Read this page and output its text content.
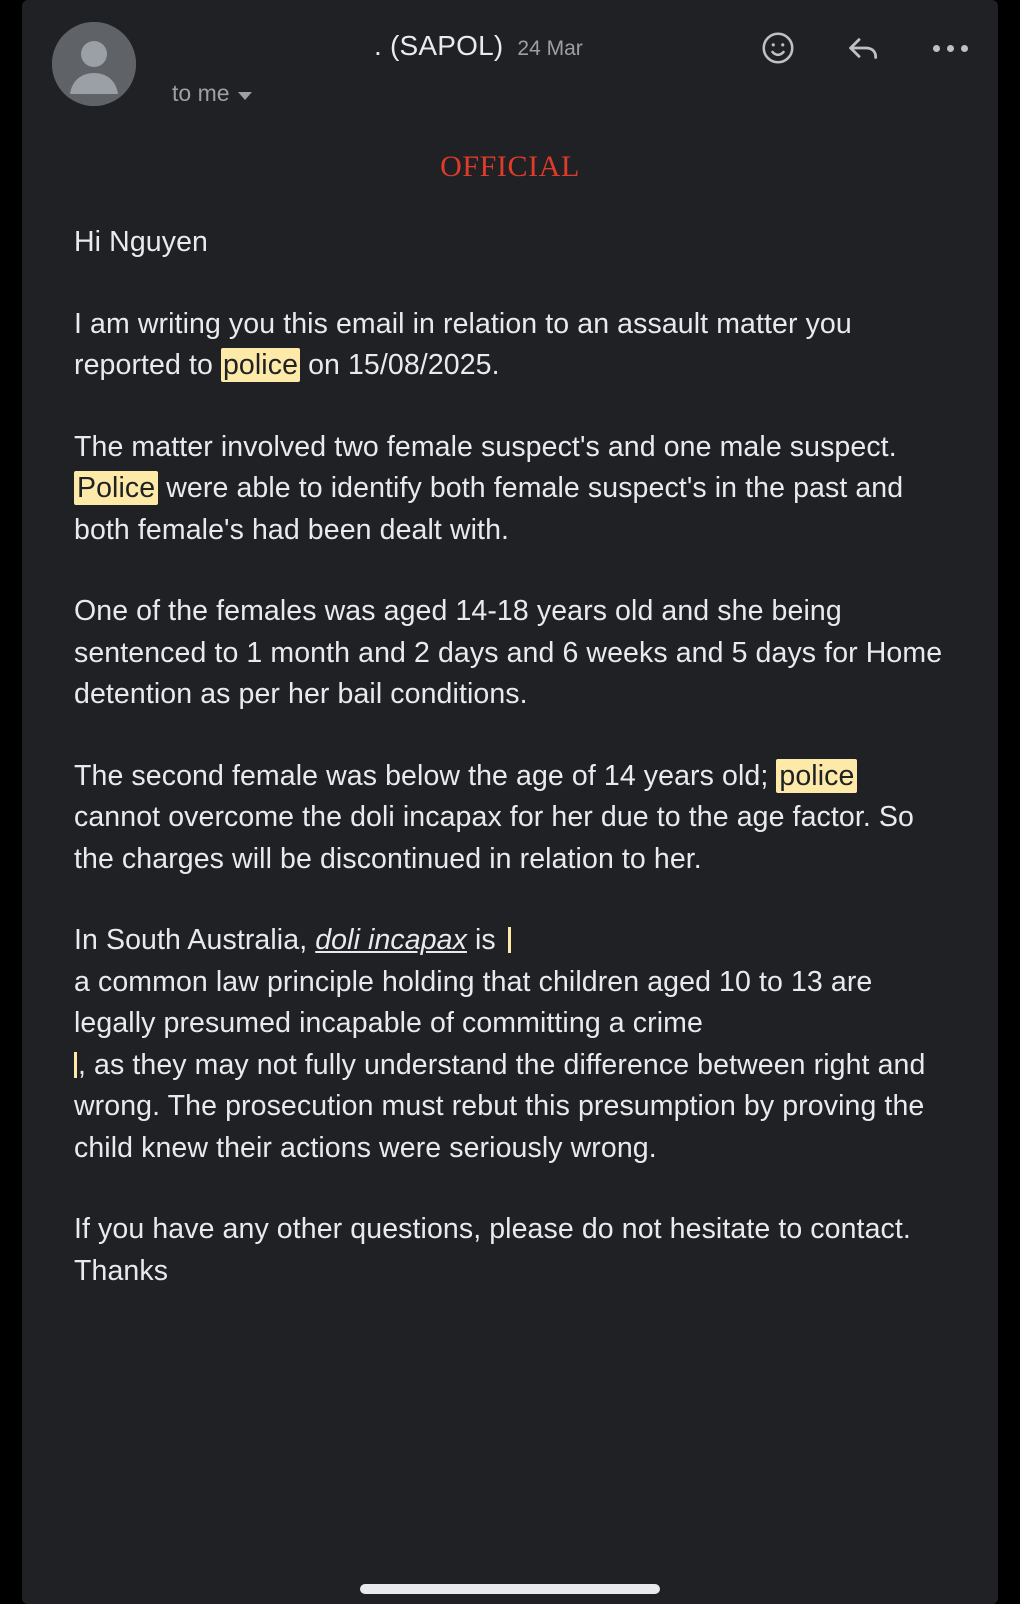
. (SAPOL) 24 Mar
to me
OFFICIAL

Hi Nguyen

I am writing you this email in relation to an assault matter you reported to police on 15/08/2025.

The matter involved two female suspect's and one male suspect. Police were able to identify both female suspect's in the past and both female's had been dealt with.

One of the females was aged 14-18 years old and she being sentenced to 1 month and 2 days and 6 weeks and 5 days for Home detention as per her bail conditions.

The second female was below the age of 14 years old; police cannot overcome the doli incapax for her due to the age factor. So the charges will be discontinued in relation to her.

In South Australia, doli incapax is
a common law principle holding that children aged 10 to 13 are legally presumed incapable of committing a crime
, as they may not fully understand the difference between right and wrong. The prosecution must rebut this presumption by proving the child knew their actions were seriously wrong.

If you have any other questions, please do not hesitate to contact. Thanks
